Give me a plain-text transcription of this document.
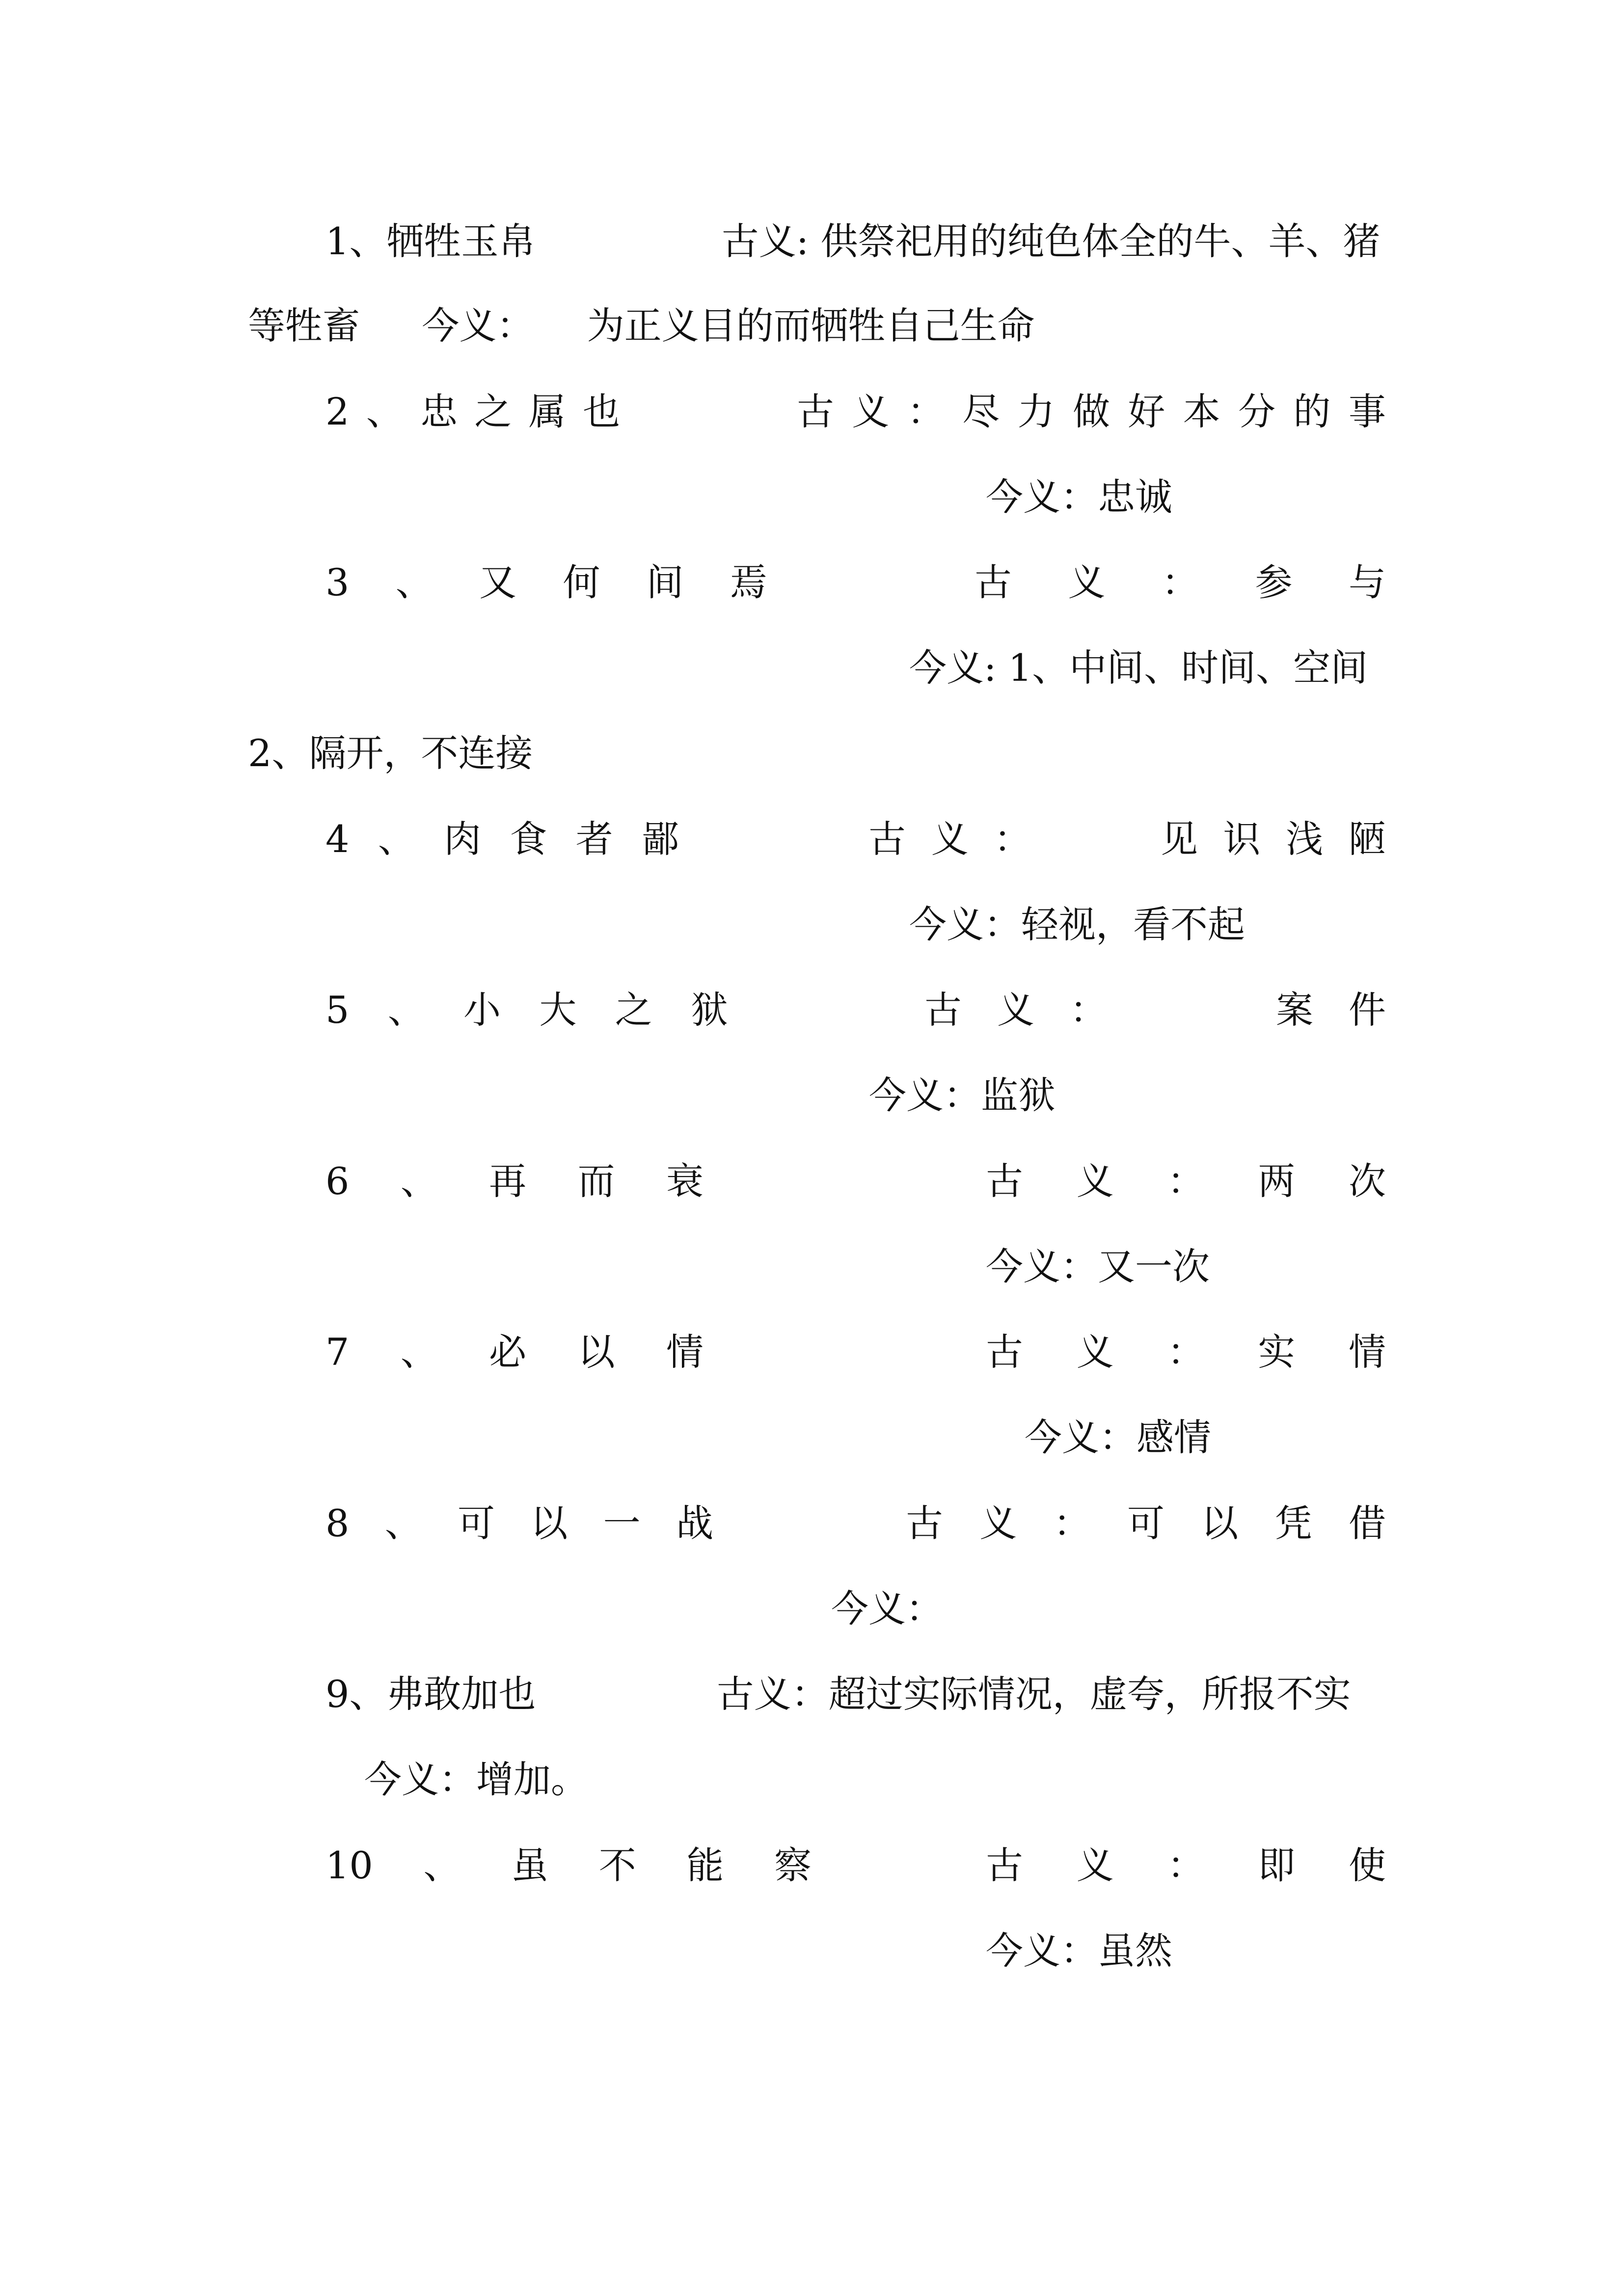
1、牺牲玉帛	古义: 供祭祀用的纯色体全的牛、羊、猪
等牲畜 今义： 为正义目的而牺牲自己生命
2 、 忠 之 属 也	古 义 ： 尽 力 做 好 本 分 的 事
今义：忠诚
3 、 又 何 间 焉	古 义 ： 参 与
今义: 1、中间、时间、空间
2、隔开，不连接
4 、 肉 食 者 鄙	古 义 ：	见 识 浅 陋
今义：轻视，看不起
5 、 小 大 之 狱	古 义 ：	案 件
今义：监狱
6 、 再 而 衰	古 义 ： 两 次
今义：又一次
7 、 必 以 情	古 义 ： 实 情
今义：感情
8 、 可 以 一 战	古 义 ： 可 以 凭 借
今义：
9、弗敢加也	古义：超过实际情况，虚夸，所报不实
今义：增加。
10 、 虽 不 能 察	古 义 ： 即 使
今义：虽然
